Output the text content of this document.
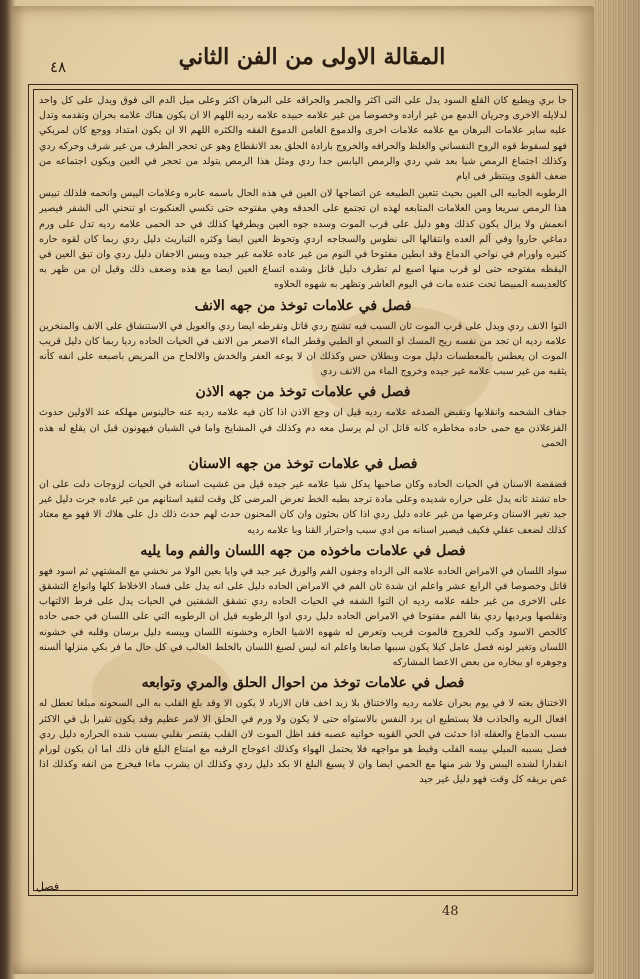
٤٨	المقالة الاولى من الفن الثاني

جا بري ويطبع كان القلع السود يدل على التى اكثر والجمر والجراقه على البرهان اكثر وعلى ميل الدم الى فوق ويدل على كل واحد لدلايله الاخرى وجريان الدمع من غير اراده وخصوصا من غير علامه حبيده علامه رديه اللهم الا ان يكون هناك علامه بحران وتقدمه وتدل عليه ساير علامات البرهان مع علامه علامات اخرى والدموع الغامن الدموع الفقه والكثره اللهم الا ان يكون امتداد ووجع كان لمريكي فهو لسقوط قوه الروح النفساني والغلظ والحرافه والخروج بارادة الحلق بعد الانقطاع وهو عن تحجر الطرف من غير شرف وحركه ردي وكذلك اجتماع الرمص شيا بعد شي ردي والرمص اليابس جدا ردي ومثل هذا الرمص يتولد من تحجر في العين ويكون اجتماعه من ضعف القوى وينتظر فى ايام

الرطوبه الجابيه الى العين بحيث تتعين الطبيعه عن اتضاجها لان العين في هذه الحال باسمه عابره وعلامات الييس وانحمه فلذلك تبيس هذا الرمص سريعا ومن العلامات المتابعه لهذه ان تجتمع على الحدقه وهي مفتوحه حتى تكسي العنكبوت او تنحني الى الشفر فيصير انعمش ولا يزال يكون كذلك وهو دليل على قرب الموت وسده جوه العين ويطرفها كذلك في حد الحمى علامه رديه تدل على ورم دماغي حاروا وفي آلم العده وانتقالها الى نطوس والسجاجه اردي وتحوظ العين ايضا وكثره التباريث دليل ردي ربما كان لقوه حاره كثيره واورام في نواحي الدماغ وقد ابطين مفتوحا في النوم من غير عاده علامه غير جيده ويبس الاجفان دليل ردي وان تبق العين في اليقظه مفتوحه حتى لو قرب منها اصبع لم تطرف دليل قاتل وشده اتساع العين ايضا مع هذه وضعف ذلك وقيل ان من ظهر به كالعديسه المبيضا تحت عنده مات في اليوم العاشر وتظهر به شهوه الحلاوه

فصل في علامات توخذ من جهه الانف

التوا الانف ردي ويدل على قرب الموت ثان السبب فيه تشنج ردي قاتل وتقرطه ايضا ردي والعويل في الاستنشاق على الانف والمنخرين علامه رديه ان تجد من نفسه ريح المسك او السعي او الطبي وقطر الماء الاصعر من الانف في الحيات الحاده رديا ربما كان دليل قريب الموت ان يعطس بالمعطسات دليل موت وبطلان حس وكذلك ان لا يوعه العفر والخدش والالحاح من المريض باصبعه على انفه كأنه يثقبه من غير سبب علامه غير جيده وخروج الماء من الانف ردي

فصل في علامات توخذ من جهه الاذن

جفاف الشحمه وانقلابها وتقبض الصدغه علامه رديه قيل ان وجع الاذن اذا كان فيه علامه رديه عنه حالينوس مهلكه عند الاولين حدوث الفزعلاذن مع حمى حاده مخاطره كانه قاتل ان لم يرسل معه دم وكذلك في المشايخ واما في الشبان فيهونون قبل ان يقلع له هذه الحمى

فصل في علامات توخذ من جهه الاسنان

قضقضة الاسنان في الحيات الحاده وكان صاحبها يدكل شيا علامه غير جيده قيل من غشيت اسنانه في الحيات لزوجات دلت على ان حاه تشتد ثانه يدل على حراره شديده وعلى مادة ترجد بطبه الخط تعرض المرضى كل وقت لتقيد استانهم من غير عاده جرت دليل غير جيد تغير الاسنان وعرضها من غير عاده دليل ردي اذا كان بحثون وان كان المحنون حدث لهم حدث ذلك دل على هلاك الا فهو مع معتاد كذلك لضعف عقلي فكيف فيصير اسنانه من ادي سبب واحترار القنا وبا علامه رديه

فصل في علامات ماخوذه من جهه اللسان والفم وما يليه

سواد اللسان في الامراض الحاده علامه الى الرداه وجفون الفم والورق غير جيد في وايا بعين الولا مر نخشي مع المشتهي ثم اسود فهو قاتل وخصوصا في الرابع عشر واعلم ان شدة ثان الفم في الامراض الحاده دليل على انه يدل على فساد الاخلاط كلها وانواع التشقق على الاخرى من غير حلقه علامه رديه ان التوا الشفه في الحيات الحاده ردي تشقق الشفتين في الحيات يدل على فرط الالتهاب وتقلصها وبرديها ردي بقا الفم مفتوحا في الامراض الحاده دليل ردي ادوا الرطوبه قيل ان الرطوبه التي على اللسان في حمى حاده كالجص الاسود وكب للخروج فالموت قريب وتعرض له شهوه الاشيا الحاره وخشونه اللسان ويبسه دليل برسان وقلبه في خشونه اللسان وتغير لونه فصل عامل كيلا يكون سببها صابغا واعلم انه ليس لصبغ اللسان بالخلط الغالب في كل حال ما فر بكي منزلها ألسنه وجوهره او ببخاره من بعض الاعضا المشاركه

فصل في علامات توخذ من احوال الحلق والمري وتوابعه

الاختناق بغته لا في يوم بحران علامه رديه والاختناق بلا زبد اخف فان الازباد لا يكون الا وقد بلغ القلب به الى السحونه مبلغا تعطل له افعال الريه والجاذب فلا يستطيع ان يرد النفس بالاستواه حتى لا يكون ولا ورم في الحلق الا لامر عظيم وقد يكون تقيرا بل في الاكثر بسبب الدماغ والعقله اذا حدثت في الحي القويه خوانيه عصبه فقد اظل الموت لان القلب يقتصر بقلبي بسبب شده الحراره دليل ردي فصل بسببه الميلي بيسه الفلب وقيط هو مواجهه فلا يحتمل الهواء وكذلك اعوجاج الرقبه مع امتناع البلع فان ذلك اما ان يكون لورام انقدارا لشده اليبس ولا شر منها مع الحمي ايضا وان لا يسيغ البلغ الا بكد دليل ردي وكذلك ان يشرب ماءا فيخرج من انفه وكذلك اذا غص بريقه كل وقت فهو دليل غير جيد

فصل
48
